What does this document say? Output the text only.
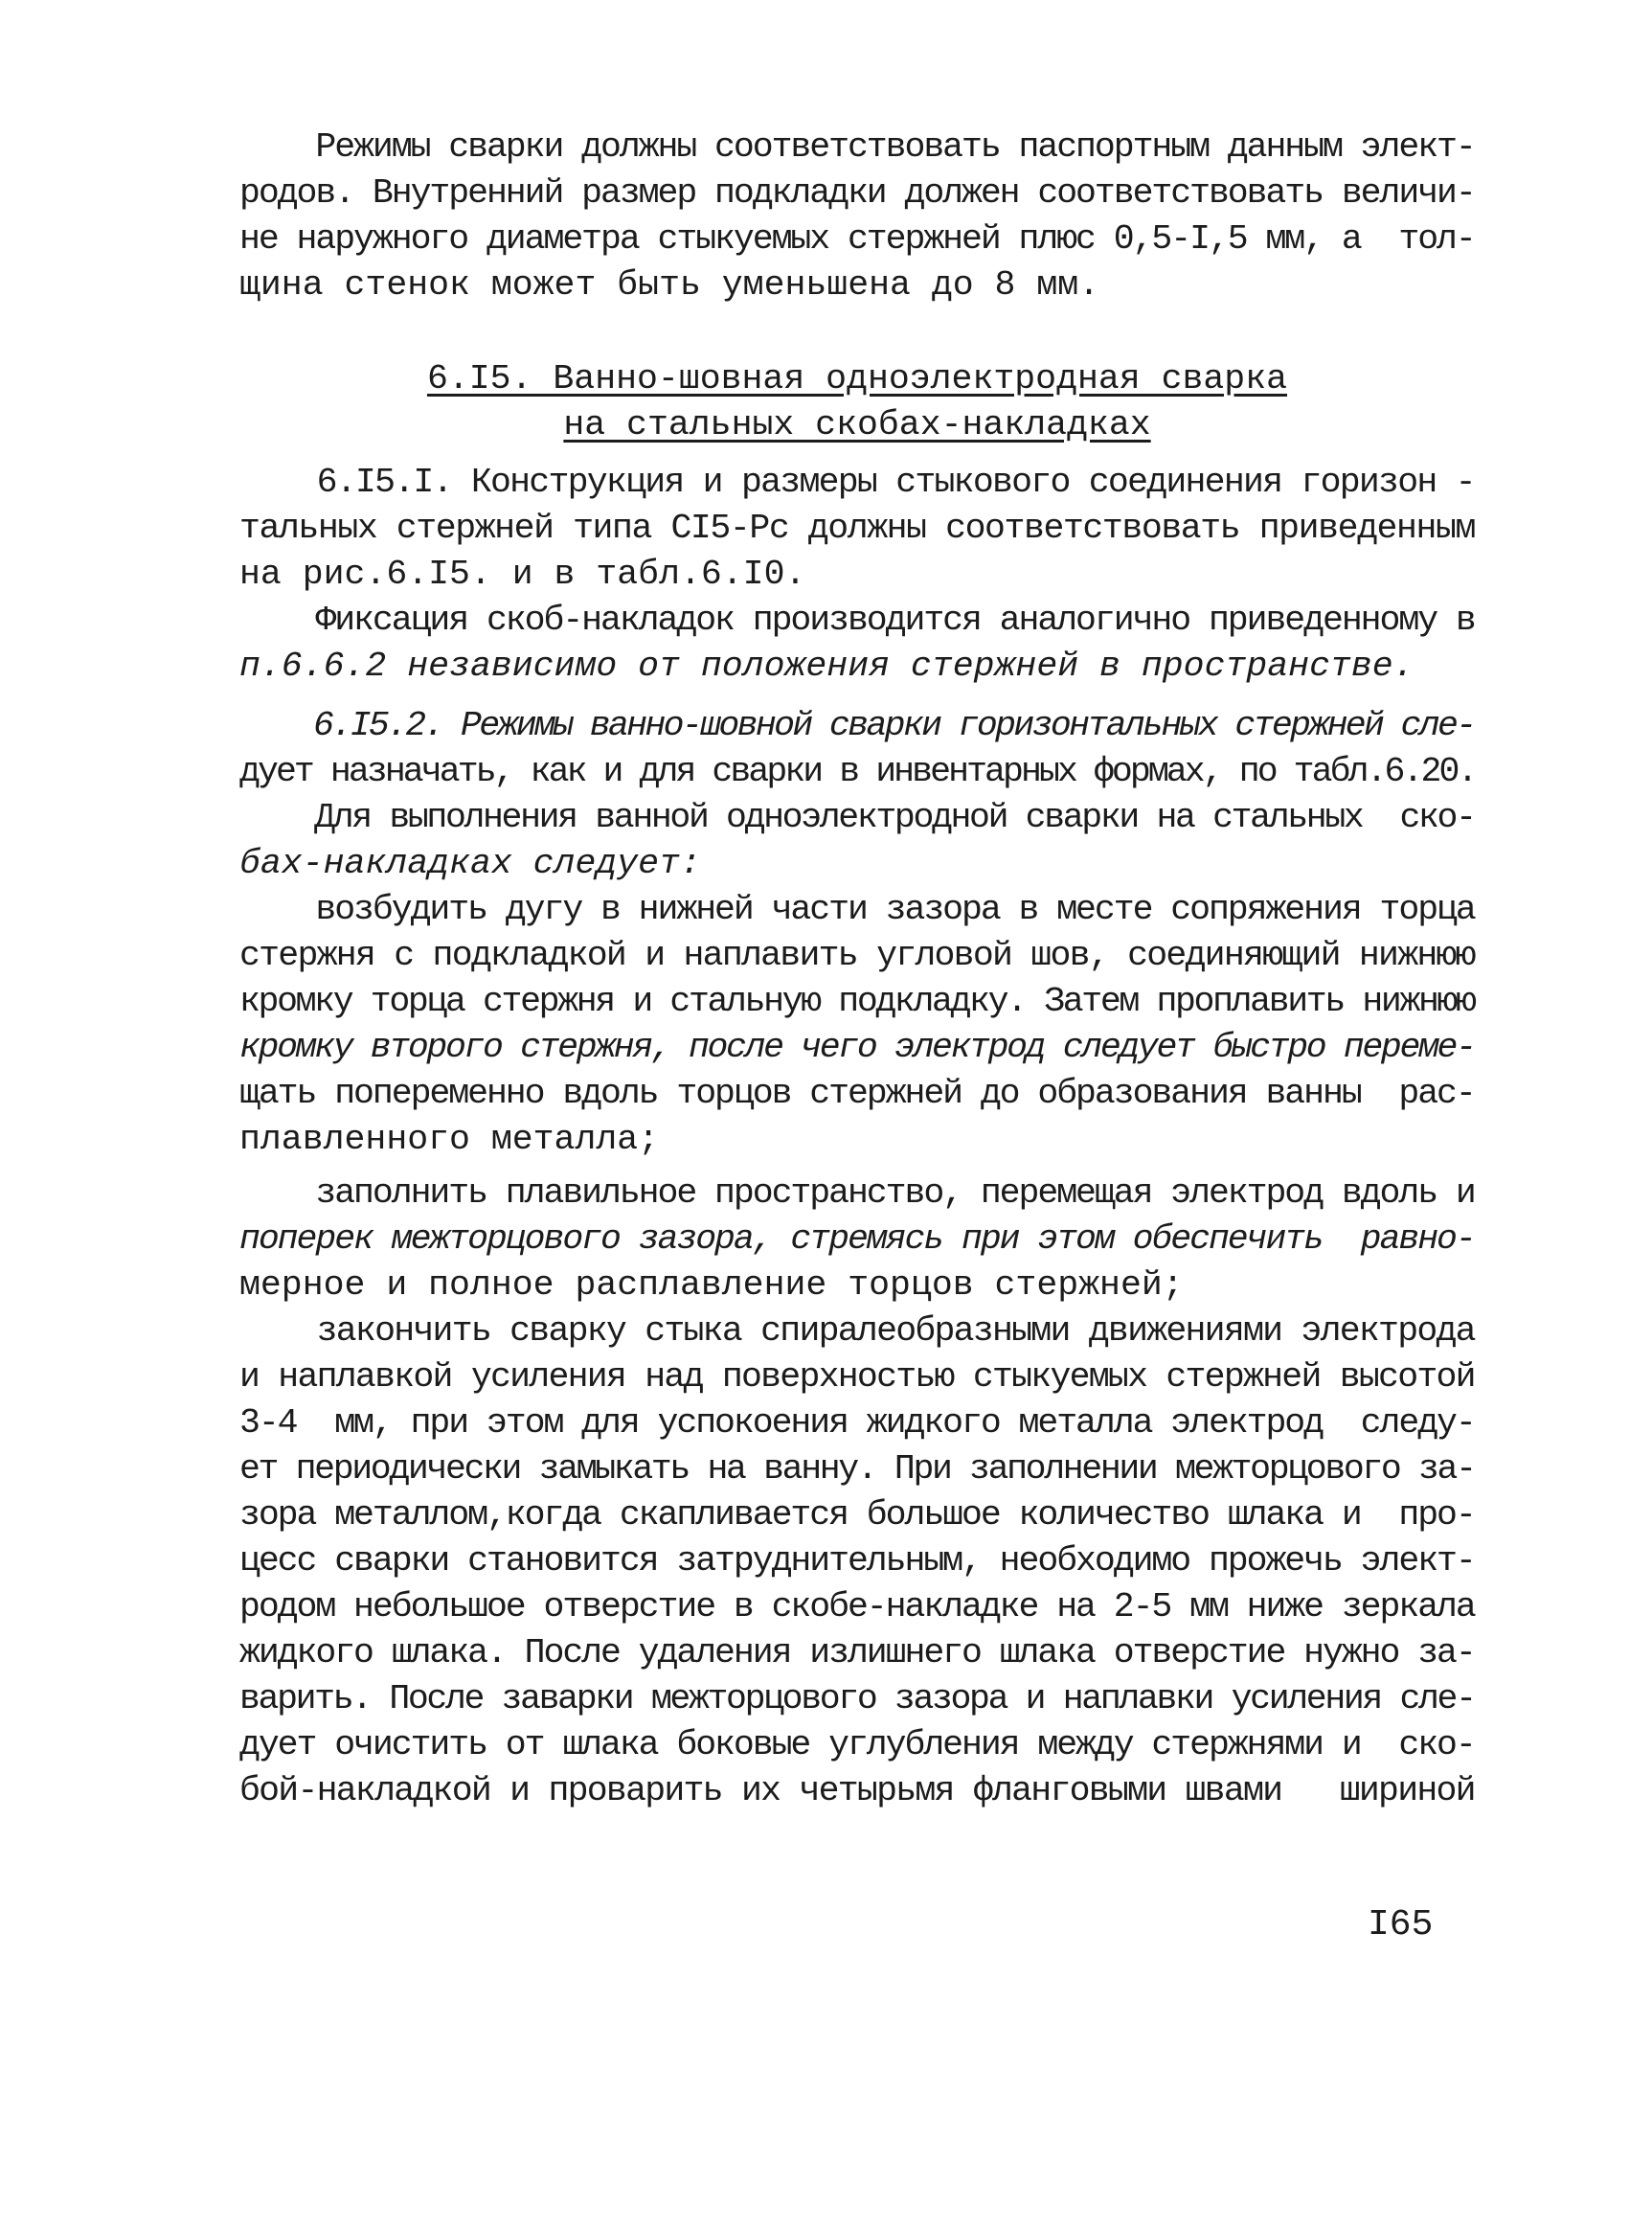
Режимы сварки должны соответствовать паспортным данным элект-
родов. Внутренний размер подкладки должен соответствовать величи-
не наружного диаметра стыкуемых стержней плюс 0,5-I,5 мм, а  тол-
щина стенок может быть уменьшена до 8 мм.
6.I5. Ванно-шовная одноэлектродная сварка
на стальных скобах-накладках
6.I5.I. Конструкция и размеры стыкового соединения горизон -
тальных стержней типа CI5-Рс должны соответствовать приведенным
на рис.6.I5. и в табл.6.I0.
Фиксация скоб-накладок производится аналогично приведенному в
п.6.6.2 независимо от положения стержней в пространстве.
6.I5.2. Режимы ванно-шовной сварки горизонтальных стержней сле-
дует назначать, как и для сварки в инвентарных формах, по табл.6.20.
Для выполнения ванной одноэлектродной сварки на стальных  ско-
бах-накладках следует:
возбудить дугу в нижней части зазора в месте сопряжения торца
стержня с подкладкой и наплавить угловой шов, соединяющий нижнюю
кромку торца стержня и стальную подкладку. Затем проплавить нижнюю
кромку второго стержня, после чего электрод следует быстро переме-
щать попеременно вдоль торцов стержней до образования ванны  рас-
плавленного металла;
заполнить плавильное пространство, перемещая электрод вдоль и
поперек межторцового зазора, стремясь при этом обеспечить  равно-
мерное и полное расплавление торцов стержней;
закончить сварку стыка спиралеобразными движениями электрода
и наплавкой усиления над поверхностью стыкуемых стержней высотой
3-4  мм, при этом для успокоения жидкого металла электрод  следу-
ет периодически замыкать на ванну. При заполнении межторцового за-
зора металлом,когда скапливается большое количество шлака и  про-
цесс сварки становится затруднительным, необходимо прожечь элект-
родом небольшое отверстие в скобе-накладке на 2-5 мм ниже зеркала
жидкого шлака. После удаления излишнего шлака отверстие нужно за-
варить. После заварки межторцового зазора и наплавки усиления сле-
дует очистить от шлака боковые углубления между стержнями и  ско-
бой-накладкой и проварить их четырьмя фланговыми швами   шириной
I65
